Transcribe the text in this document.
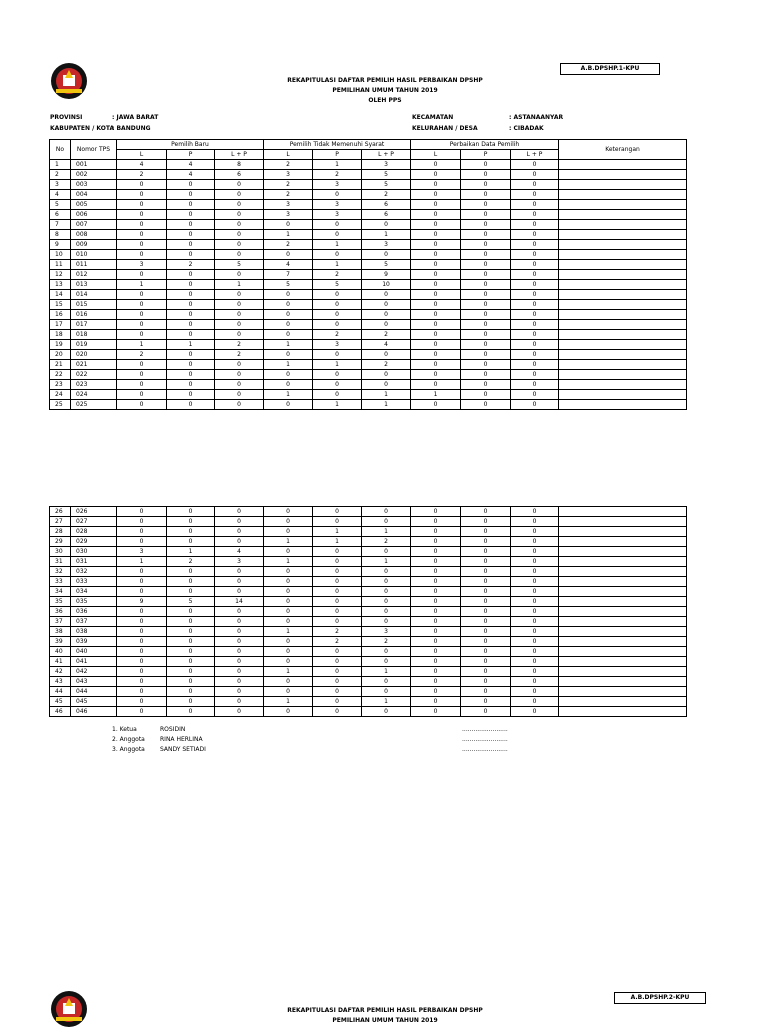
A.B.DPSHP.1-KPU
REKAPITULASI DAFTAR PEMILIH HASIL PERBAIKAN DPSHP
PEMILIHAN UMUM TAHUN 2019
OLEH PPS
PROVINSI	: JAWA BARAT
KABUPATEN / KOTA
: BANDUNG
KECAMATAN	: ASTANAANYAR
KELURAHAN / DESA	: CIBADAK
No	Nomor TPS	Pemilih Baru			Pemilih Tidak Memenuhi Syarat			Perbaikan Data Pemilih			Keterangan
		L	P	L + P	L	P	L + P	L	P	L + P	
1	001	4	4	8	2	1	3	0	0	0	
2	002	2	4	6	3	2	5	0	0	0	
3	003	0	0	0	2	3	5	0	0	0	
4	004	0	0	0	2	0	2	0	0	0	
5	005	0	0	0	3	3	6	0	0	0	
6	006	0	0	0	3	3	6	0	0	0	
7	007	0	0	0	0	0	0	0	0	0	
8	008	0	0	0	1	0	1	0	0	0	
9	009	0	0	0	2	1	3	0	0	0	
10	010	0	0	0	0	0	0	0	0	0	
11	011	3	2	5	4	1	5	0	0	0	
12	012	0	0	0	7	2	9	0	0	0	
13	013	1	0	1	5	5	10	0	0	0	
14	014	0	0	0	0	0	0	0	0	0	
15	015	0	0	0	0	0	0	0	0	0	
16	016	0	0	0	0	0	0	0	0	0	
17	017	0	0	0	0	0	0	0	0	0	
18	018	0	0	0	0	2	2	0	0	0	
19	019	1	1	2	1	3	4	0	0	0	
20	020	2	0	2	0	0	0	0	0	0	
21	021	0	0	0	1	1	2	0	0	0	
22	022	0	0	0	0	0	0	0	0	0	
23	023	0	0	0	0	0	0	0	0	0	
24	024	0	0	0	1	0	1	1	0	0	
25	025	0	0	0	0	1	1	0	0	0	
26	026	0	0	0	0	0	0	0	0	0	
27	027	0	0	0	0	0	0	0	0	0	
28	028	0	0	0	0	1	1	0	0	0	
29	029	0	0	0	1	1	2	0	0	0	
30	030	3	1	4	0	0	0	0	0	0	
31	031	1	2	3	1	0	1	0	0	0	
32	032	0	0	0	0	0	0	0	0	0	
33	033	0	0	0	0	0	0	0	0	0	
34	034	0	0	0	0	0	0	0	0	0	
35	035	9	5	14	0	0	0	0	0	0	
36	036	0	0	0	0	0	0	0	0	0	
37	037	0	0	0	0	0	0	0	0	0	
38	038	0	0	0	1	2	3	0	0	0	
39	039	0	0	0	0	2	2	0	0	0	
40	040	0	0	0	0	0	0	0	0	0	
41	041	0	0	0	0	0	0	0	0	0	
42	042	0	0	0	1	0	1	0	0	0	
43	043	0	0	0	0	0	0	0	0	0	
44	044	0	0	0	0	0	0	0	0	0	
45	045	0	0	0	1	0	1	0	0	0	
46	046	0	0	0	0	0	0	0	0	0	
1. Ketua	ROSIDIN	........................
2. Anggota	RINA HERLINA	........................
3. Anggota	SANDY SETIADI	........................
A.B.DPSHP.2-KPU
REKAPITULASI DAFTAR PEMILIH HASIL PERBAIKAN DPSHP
PEMILIHAN UMUM TAHUN 2019
